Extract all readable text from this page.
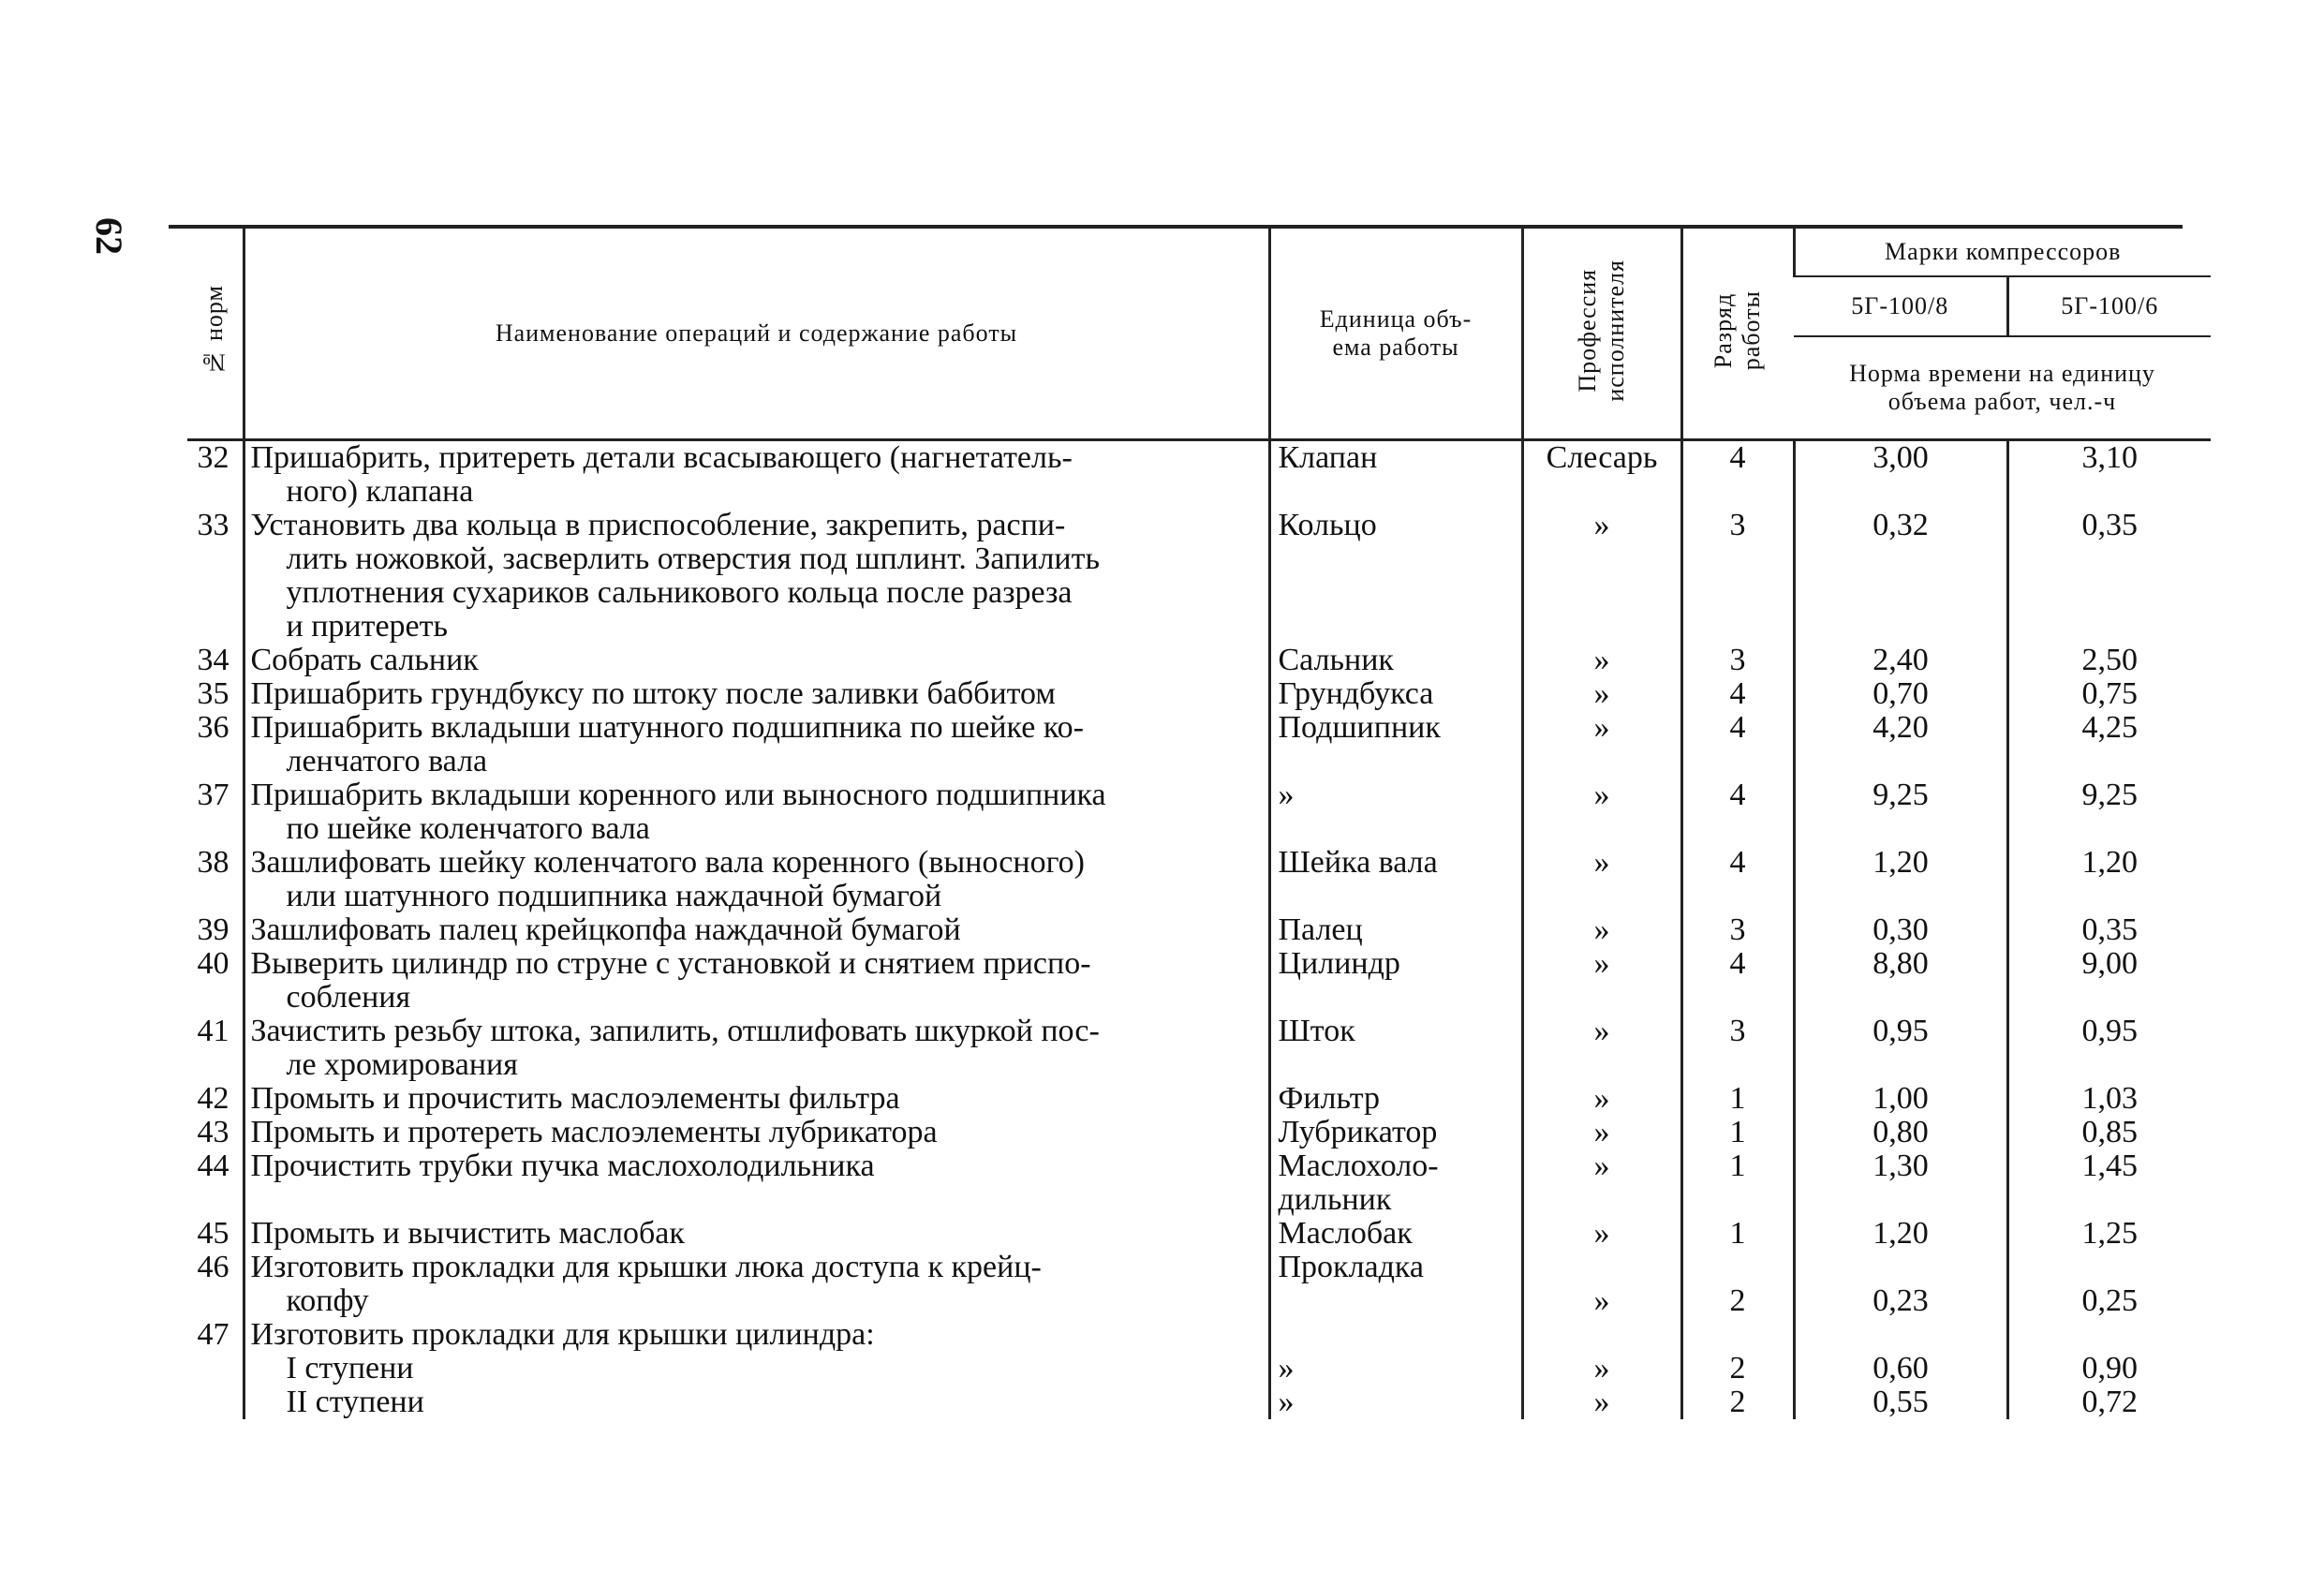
62
№ норм	Наименование операций и содержание работы	Единица объ-
ема работы	Профессия
исполнителя	Разряд
работы	Марки компрессоров	
					5Г-100/8	5Г-100/6
					Норма времени на единицу
объема работ, чел.-ч	
32	Пришабрить, притереть детали всасывающего (нагнетатель-
ного) клапана	Клапан	Слесарь	4	3,00	3,10
33	Установить два кольца в приспособление, закрепить, распи-
лить ножовкой, засверлить отверстия под шплинт. Запилить
уплотнения сухариков сальникового кольца после разреза
и притереть	Кольцо	»	3	0,32	0,35
34	Собрать сальник	Сальник	»	3	2,40	2,50
35	Пришабрить грундбуксу по штоку после заливки баббитом	Грундбукса	»	4	0,70	0,75
36	Пришабрить вкладыши шатунного подшипника по шейке ко-
ленчатого вала	Подшипник	»	4	4,20	4,25
37	Пришабрить вкладыши коренного или выносного подшипника
по шейке коленчатого вала	»	»	4	9,25	9,25
38	Зашлифовать шейку коленчатого вала коренного (выносного)
или шатунного подшипника наждачной бумагой	Шейка вала	»	4	1,20	1,20
39	Зашлифовать палец крейцкопфа наждачной бумагой	Палец	»	3	0,30	0,35
40	Выверить цилиндр по струне с установкой и снятием приспо-
собления	Цилиндр	»	4	8,80	9,00
41	Зачистить резьбу штока, запилить, отшлифовать шкуркой пос-
ле хромирования	Шток	»	3	0,95	0,95
42	Промыть и прочистить маслоэлементы фильтра	Фильтр	»	1	1,00	1,03
43	Промыть и протереть маслоэлементы лубрикатора	Лубрикатор	»	1	0,80	0,85
44	Прочистить трубки пучка маслохолодильника	Маслохоло-
дильник	»	1	1,30	1,45
45	Промыть и вычистить маслобак	Маслобак	»	1	1,20	1,25
46	Изготовить прокладки для крышки люка доступа к крейц-
копфу	Прокладка	»	2	0,23	0,25
47	Изготовить прокладки для крышки цилиндра:					

	I ступени	»	»	2	0,60	0,90

	II ступени	»	»	2	0,55	0,72
